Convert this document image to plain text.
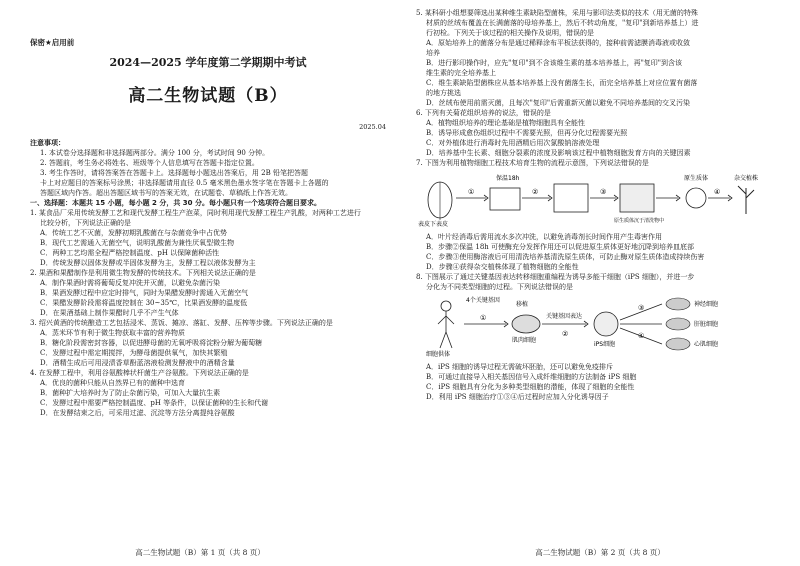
保密★启用前

2024—2025 学年度第二学期期中考试

高二生物试题（B）

2025.04

注意事项：

1. 本试卷分选择题和非选择题两部分。满分 100 分，考试时间 90 分钟。

2. 答题前，考生务必将姓名、班级等个人信息填写在答题卡指定位置。

3. 考生作答时，请将答案答在答题卡上。选择题每小题选出答案后，用 2B 铅笔把答题

卡上对应题目的答案标号涂黑；非选择题请用直径 0.5 毫米黑色墨水签字笔在答题卡上各题的

答题区域内作答。超出答题区域书写的答案无效，在试题卷、草稿纸上作答无效。

一、选择题：本题共 15 小题，每小题 2 分，共 30 分。每小题只有一个选项符合题目要求。

1. 某食品厂采用传统发酵工艺和现代发酵工程生产泡菜，同时利用现代发酵工程生产乳酸，对两种工艺进行

比较分析，下列说法正确的是

A．传统工艺不灭菌，发酵初期乳酸菌在与杂菌竞争中占优势

B．现代工艺需通入无菌空气，说明乳酸菌为兼性厌氧型微生物

C．两种工艺均需全程严格控制温度、pH 以保障菌种活性

D．传统发酵以固体发酵或半固体发酵为主，发酵工程以液体发酵为主

2. 果酒和果醋制作是利用微生物发酵的传统技术。下列相关说法正确的是

A．制作果酒时需将葡萄反复冲洗并灭菌，以避免杂菌污染

B．果酒发酵过程中应定时排气，同时为果醋发酵时需通入无菌空气

C．果醋发酵阶段需将温度控制在 30~35℃，比果酒发酵的温度低

D．在果酒基础上制作果醋时几乎不产生气体

3. 绍兴黄酒的传统酿造工艺包括浸米、蒸饭、摊凉、落缸、发酵、压榨等步骤。下列说法正确的是

A．蒸米环节有利于微生物获取丰富的营养物质

B．糖化阶段需密封容器，以促进酵母菌的无氧呼吸将淀粉分解为葡萄糖

C．发酵过程中需定期搅拌，为酵母菌提供氧气，加快其繁殖

D．酒精生成后可用浸渍香草酚蓝溶液检测发酵液中的酒精含量

4. 在发酵工程中，利用谷氨酸棒状杆菌生产谷氨酸。下列说法正确的是

A．优良的菌种只能从自然界已有的菌种中选育

B．菌种扩大培养时为了防止杂菌污染，可加入大量抗生素

C．发酵过程中需要严格控制温度、pH 等条件，以保证菌种的生长和代谢

D．在发酵结束之后，可采用过滤、沉淀等方法分离提纯谷氨酸

高二生物试题（B）第 1 页（共 8 页）

5. 某科研小组想要筛选出某种维生素缺陷型菌株，采用与影印法类似的技术（用无菌的特殊

材质的丝绒布覆盖在长满菌落的母培养基上，然后不转动角度，"复印"到新培养基上）进

行初检。下列关于该过程的相关操作及说明，错误的是

A．原始培养上的菌落分布是通过稀释涂布平板法获得的，接种前需滤膜消毒液或收敛

培养

B．进行影印操作时，应先"复印"到不含该维生素的基本培养基上，再"复印"到含该

维生素的完全培养基上

C．维生素缺陷型菌株应从基本培养基上没有菌落生长，而完全培养基上对应位置有菌落

的地方挑选

D．丝绒布使用前需灭菌，且每次"复印"后需重新灭菌以避免不同培养基间的交叉污染

6. 下列有关菊花组织培养的说法，错误的是

A．植物组织培养的理论基础是植物细胞具有全能性

B．诱导形成愈伤组织过程中不需要光照，但再分化过程需要光照

C．对外植体进行消毒时先用酒精后用次氯酸钠溶液处理

D．培养基中生长素、细胞分裂素的浓度及影响该过程中植物细胞发育方向的关键因素

7. 下图为利用植物细胞工程技术培育生物的流程示意图，下列说法错误的是

表皮下表皮
保温18h
原生质体沉于清洗物中
原生质体	杂交植株
①	②	③	④

A．叶片经消毒后需用流水多次冲洗，以避免消毒剂长时间作用产生毒害作用

B．步骤②保温 18h 可使酶充分发挥作用还可以促进原生质体更好地沉降到培养皿底部

C．步骤③使用酶溶液后可用清洗培养基清洗原生质体，可防止酶对原生质体造成持续伤害

D．步骤④获得杂交植株体现了植物细胞的全能性

8. 下图展示了通过关键基因表达转移细胞重编程为诱导多能干细胞（iPS 细胞），并进一步

分化为不同类型细胞的过程。下列说法错误的是

4个关键基因
移植
关键基因表达
iPS细胞
神经细胞
肝脏细胞
心肌细胞
细胞供体
肌肉细胞
①
②
③
④

A．iPS 细胞的诱导过程无需破坏胚胎，还可以避免免疫排斥

B．可通过直接导入相关基因信号入成纤维细胞的方法制备 iPS 细胞

C．iPS 细胞具有分化为多种类型细胞的潜能，体现了细胞的全能性

D．利用 iPS 细胞治疗①③④后过程时应加入分化诱导因子

高二生物试题（B）第 2 页（共 8 页）
